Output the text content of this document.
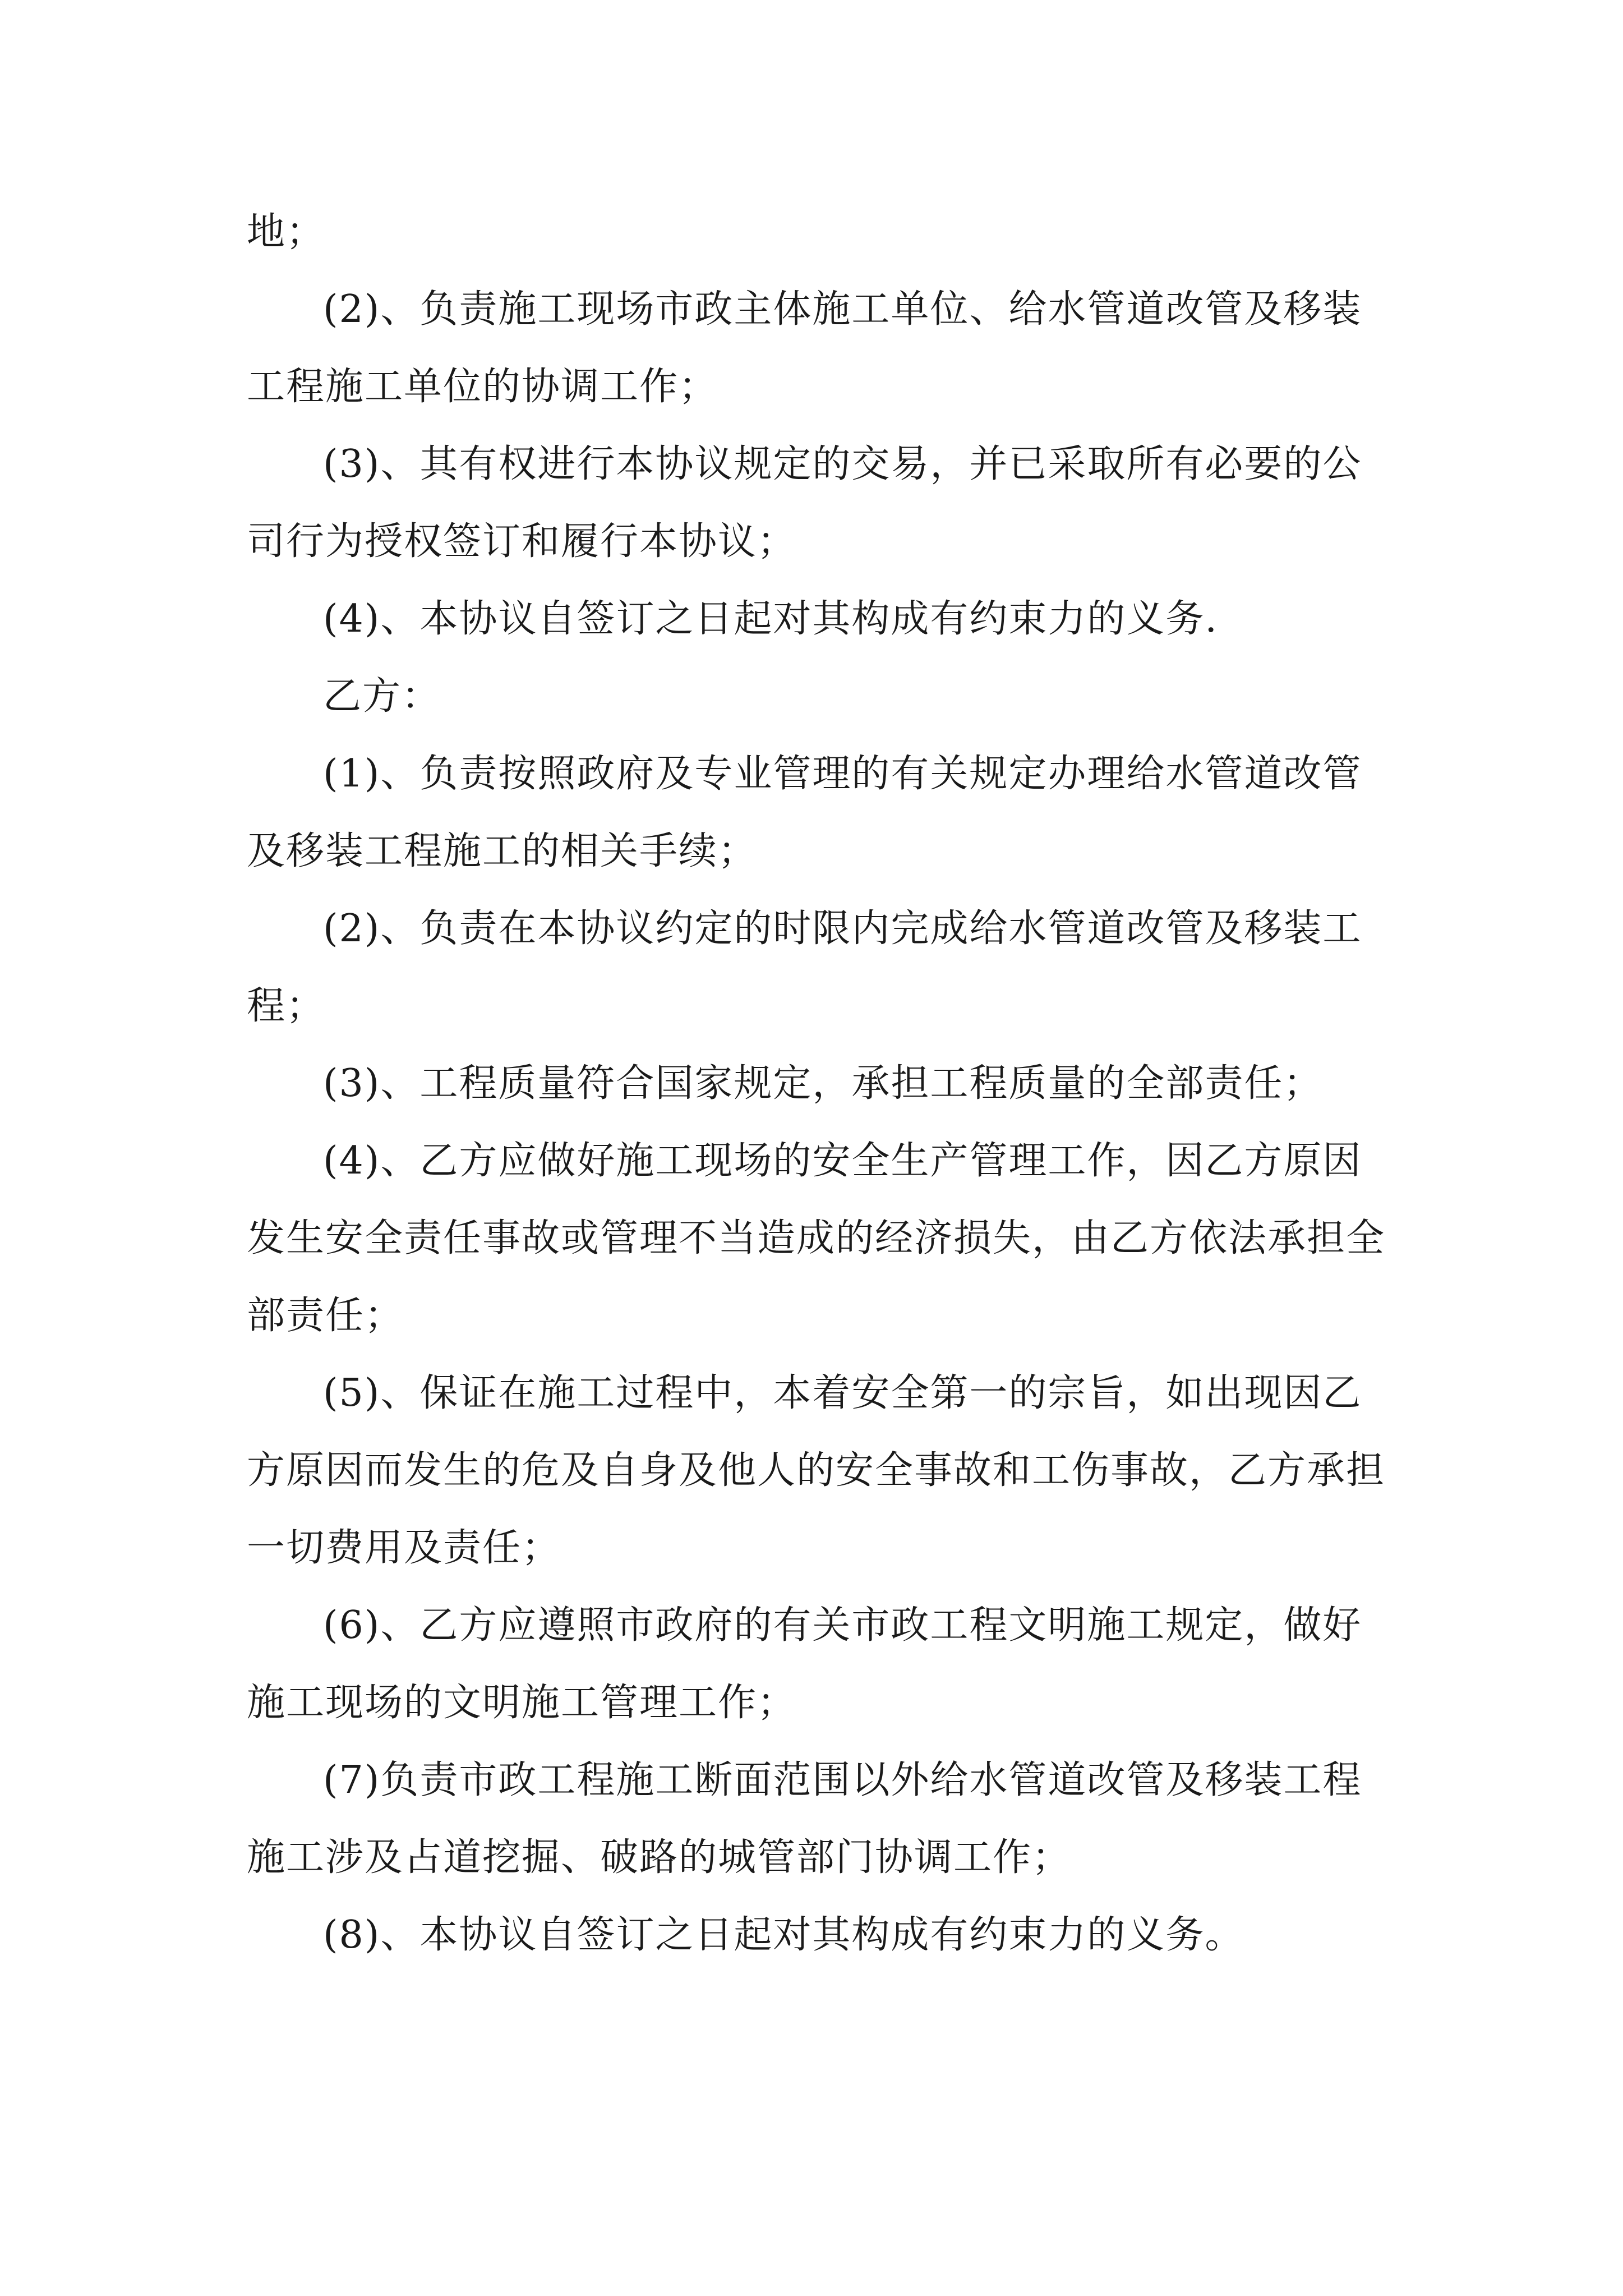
地；

(2)、负责施工现场市政主体施工单位、给水管道改管及移装工程施工单位的协调工作；

(3)、其有权进行本协议规定的交易，并已采取所有必要的公司行为授权签订和履行本协议；

(4)、本协议自签订之日起对其构成有约束力的义务.

乙方：

(1)、负责按照政府及专业管理的有关规定办理给水管道改管及移装工程施工的相关手续；

(2)、负责在本协议约定的时限内完成给水管道改管及移装工程；

(3)、工程质量符合国家规定，承担工程质量的全部责任；

(4)、乙方应做好施工现场的安全生产管理工作，因乙方原因发生安全责任事故或管理不当造成的经济损失，由乙方依法承担全部责任；

(5)、保证在施工过程中，本着安全第一的宗旨，如出现因乙方原因而发生的危及自身及他人的安全事故和工伤事故，乙方承担一切费用及责任；

(6)、乙方应遵照市政府的有关市政工程文明施工规定，做好施工现场的文明施工管理工作；

(7)负责市政工程施工断面范围以外给水管道改管及移装工程施工涉及占道挖掘、破路的城管部门协调工作；

(8)、本协议自签订之日起对其构成有约束力的义务。
